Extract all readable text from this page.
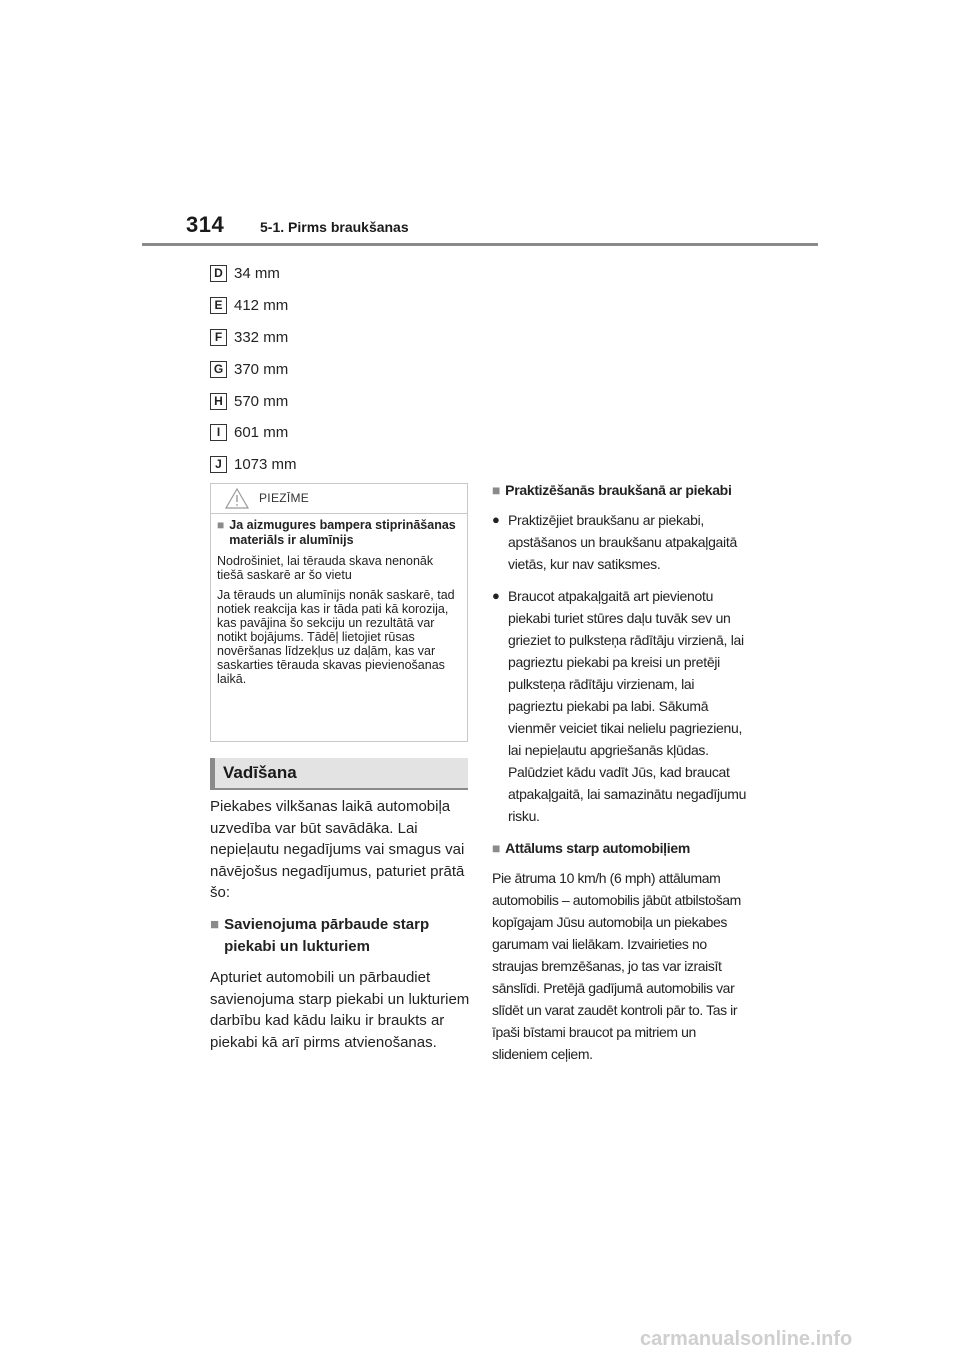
314	5-1. Pirms braukšanas
D 34 mm
E 412 mm
F 332 mm
G 370 mm
H 570 mm
I 601 mm
J 1073 mm
PIEZĪME
■ Ja aizmugures bampera stiprināšanas materiāls ir alumīnijs

Nodrošiniet, lai tērauda skava nenonāk tiešā saskarē ar šo vietu

Ja tērauds un alumīnijs nonāk saskarē, tad notiek reakcija kas ir tāda pati kā korozija, kas pavājina šo sekciju un rezultātā var notikt bojājums. Tādēļ lietojiet rūsas novēršanas līdzekļus uz daļām, kas var saskarties tērauda skavas pievienošanas laikā.

Vadīšana

Piekabes vilkšanas laikā automobiļa uzvedība var būt savādāka. Lai nepieļautu negadījums vai smagus vai nāvējošus negadījumus, paturiet prātā šo:

■ Savienojuma pārbaude starp piekabi un lukturiem

Apturiet automobili un pārbaudiet savienojuma starp piekabi un lukturiem darbību kad kādu laiku ir braukts ar piekabi kā arī pirms atvienošanas.

■ Praktizēšanās braukšanā ar piekabi
● Praktizējiet braukšanu ar piekabi, apstāšanos un braukšanu atpakaļgaitā vietās, kur nav satiksmes.
● Braucot atpakaļgaitā art pievienotu piekabi turiet stūres daļu tuvāk sev un grieziet to pulksteņa rādītāju virzienā, lai pagrieztu piekabi pa kreisi un pretēji pulksteņa rādītāju virzienam, lai pagrieztu piekabi pa labi. Sākumā vienmēr veiciet tikai nelielu pagriezienu, lai nepieļautu apgriešanās kļūdas. Palūdziet kādu vadīt Jūs, kad braucat atpakaļgaitā, lai samazinātu negadījumu risku.
■ Attālums starp automobiļiem

Pie ātruma 10 km/h (6 mph) attālumam automobilis – automobilis jābūt atbilstošam kopīgajam Jūsu automobiļa un piekabes garumam vai lielākam. Izvairieties no straujas bremzēšanas, jo tas var izraisīt sānslīdi. Pretējā gadījumā automobilis var slīdēt un varat zaudēt kontroli pār to. Tas ir īpaši bīstami braucot pa mitriem un slideniem ceļiem.

carmanualsonline.info
